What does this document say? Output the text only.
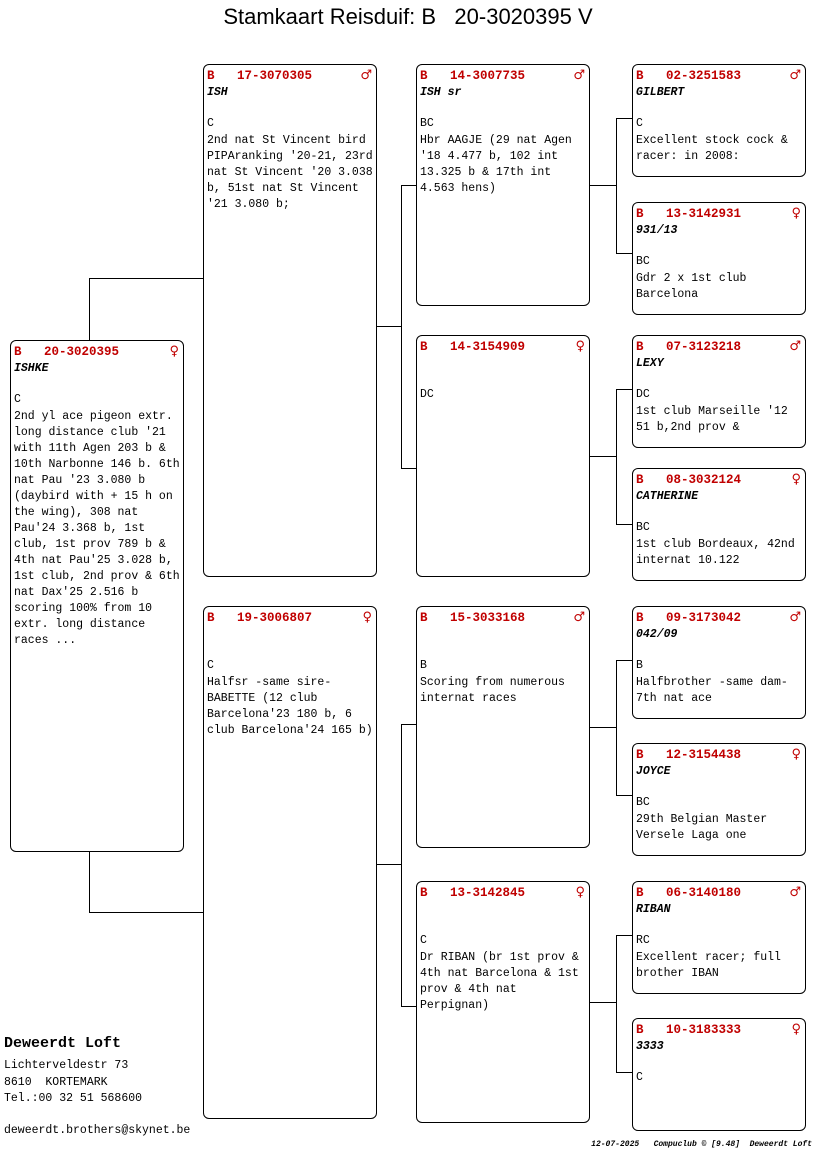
Stamkaart Reisduif: B   20-3020395 V
B   20-3020395	♀
ISHKE
C
2nd yl ace pigeon extr. long distance club '21 with 11th Agen 203 b & 10th Narbonne 146 b. 6th nat Pau '23 3.080 b (daybird with + 15 h on the wing), 308 nat Pau'24 3.368 b, 1st club, 1st prov 789 b & 4th nat Pau'25 3.028 b, 1st club, 2nd prov & 6th nat Dax'25 2.516 b scoring 100% from 10 extr. long distance races ...
B   17-3070305	♂
ISH
C
2nd nat St Vincent bird PIPAranking '20-21, 23rd nat St Vincent '20 3.038 b, 51st nat St Vincent '21 3.080 b;
B   19-3006807	♀
C
Halfsr -same sire- BABETTE (12 club Barcelona'23 180 b, 6 club Barcelona'24 165 b)
B   14-3007735	♂
ISH sr
BC
Hbr AAGJE (29 nat Agen '18 4.477 b, 102 int 13.325 b & 17th int 4.563 hens)
B   14-3154909	♀
DC
B   15-3033168	♂
B
Scoring from numerous internat races
B   13-3142845	♀
C
Dr RIBAN (br 1st prov & 4th nat Barcelona & 1st prov & 4th nat Perpignan)
B   02-3251583	♂
GILBERT
C
Excellent stock cock & racer: in 2008:
B   13-3142931	♀
931/13
BC
Gdr 2 x 1st club Barcelona
B   07-3123218	♂
LEXY
DC
1st club Marseille '12 51 b,2nd prov &
B   08-3032124	♀
CATHERINE
BC
1st club Bordeaux, 42nd internat 10.122
B   09-3173042	♂
042/09
B
Halfbrother -same dam- 7th nat ace
B   12-3154438	♀
JOYCE
BC
29th Belgian Master Versele Laga one
B   06-3140180	♂
RIBAN
RC
Excellent racer; full brother IBAN
B   10-3183333	♀
3333
C
Deweerdt Loft
Lichterveldestr 73
8610  KORTEMARK
Tel.:00 32 51 568600
deweerdt.brothers@skynet.be
12-07-2025   Compuclub © [9.48]  Deweerdt Loft
